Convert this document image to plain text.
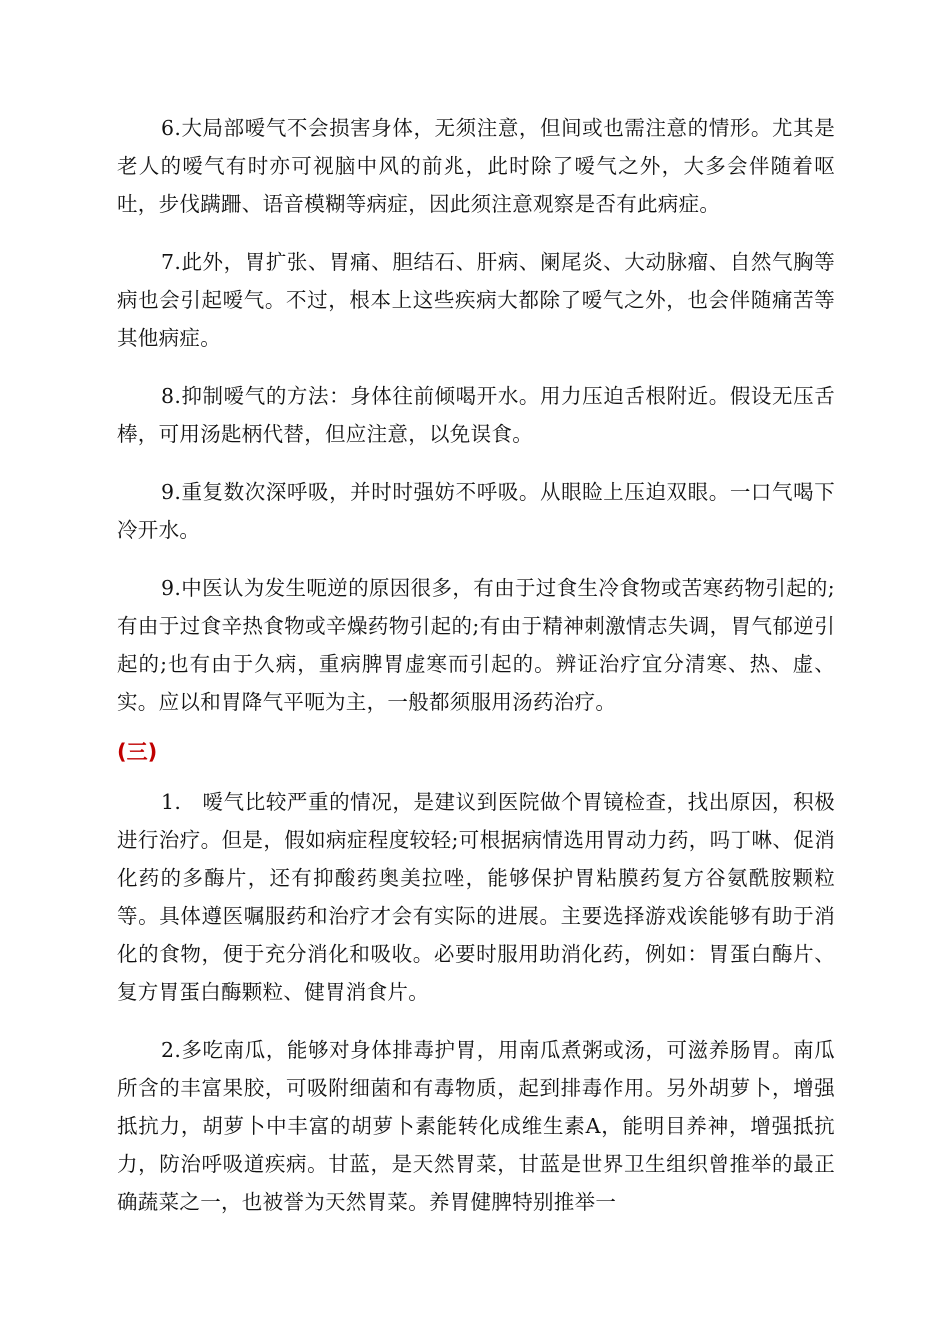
6.大局部嗳气不会损害身体，无须注意，但间或也需注意的情形。尤其是老人的嗳气有时亦可视脑中风的前兆，此时除了嗳气之外，大多会伴随着呕吐，步伐蹒跚、语音模糊等病症，因此须注意观察是否有此病症。

7.此外，胃扩张、胃痛、胆结石、肝病、阑尾炎、大动脉瘤、自然气胸等病也会引起嗳气。不过，根本上这些疾病大都除了嗳气之外，也会伴随痛苦等其他病症。

8.抑制嗳气的方法：身体往前倾喝开水。用力压迫舌根附近。假设无压舌棒，可用汤匙柄代替，但应注意，以免误食。

9.重复数次深呼吸，并时时强妨不呼吸。从眼睑上压迫双眼。一口气喝下冷开水。

9.中医认为发生呃逆的原因很多，有由于过食生冷食物或苦寒药物引起的;有由于过食辛热食物或辛燥药物引起的;有由于精神刺激情志失调，胃气郁逆引起的;也有由于久病，重病脾胃虚寒而引起的。辨证治疗宜分清寒、热、虚、实。应以和胃降气平呃为主，一般都须服用汤药治疗。

(三)

1.　嗳气比较严重的情况，是建议到医院做个胃镜检查，找出原因，积极进行治疗。但是，假如病症程度较轻;可根据病情选用胃动力药，吗丁啉、促消化药的多酶片，还有抑酸药奥美拉唑，能够保护胃粘膜药复方谷氨酰胺颗粒等。具体遵医嘱服药和治疗才会有实际的进展。主要选择游戏诶能够有助于消化的食物，便于充分消化和吸收。必要时服用助消化药，例如：胃蛋白酶片、复方胃蛋白酶颗粒、健胃消食片。

2.多吃南瓜，能够对身体排毒护胃，用南瓜煮粥或汤，可滋养肠胃。南瓜所含的丰富果胶，可吸附细菌和有毒物质，起到排毒作用。另外胡萝卜，增强抵抗力，胡萝卜中丰富的胡萝卜素能转化成维生素A，能明目养神，增强抵抗力，防治呼吸道疾病。甘蓝，是天然胃菜，甘蓝是世界卫生组织曾推举的最正确蔬菜之一，也被誉为天然胃菜。养胃健脾特别推举一
